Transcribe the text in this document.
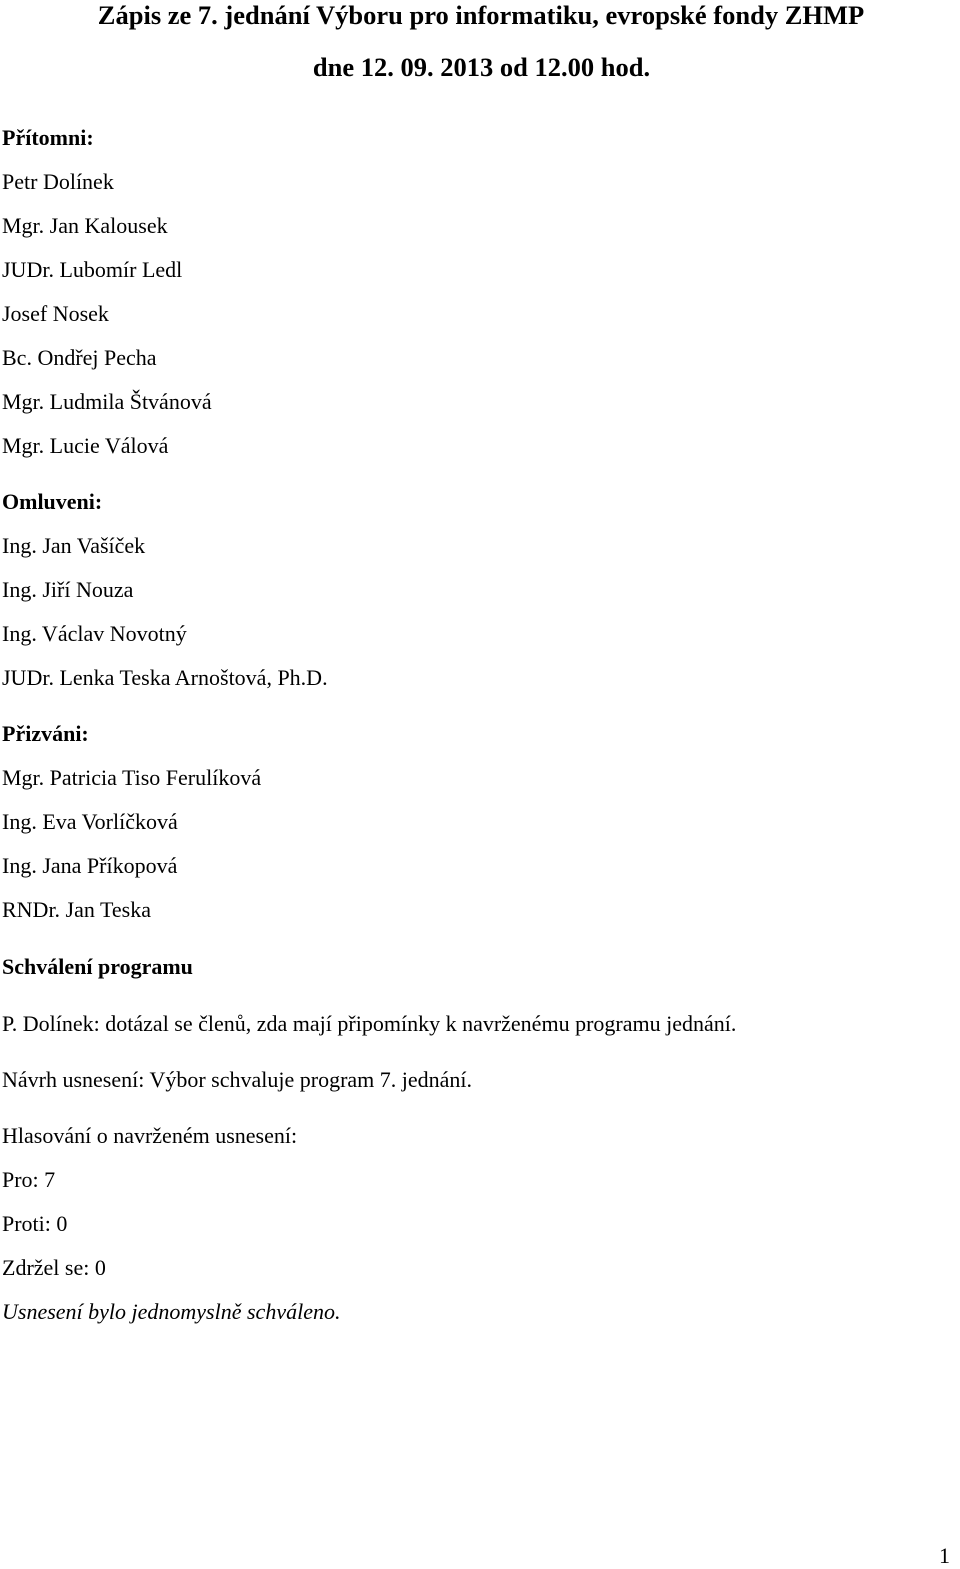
Zápis ze 7. jednání Výboru pro informatiku, evropské fondy ZHMP
dne 12. 09. 2013 od 12.00 hod.
Přítomni:
Petr Dolínek
Mgr. Jan Kalousek
JUDr. Lubomír Ledl
Josef Nosek
Bc. Ondřej Pecha
Mgr. Ludmila Štvánová
Mgr. Lucie Válová
Omluveni:
Ing. Jan Vašíček
Ing. Jiří Nouza
Ing. Václav Novotný
JUDr. Lenka Teska Arnoštová, Ph.D.
Přizváni:
Mgr. Patricia Tiso Ferulíková
Ing. Eva Vorlíčková
Ing. Jana Příkopová
RNDr. Jan Teska
Schválení programu
P. Dolínek: dotázal se členů, zda mají připomínky k navrženému programu jednání.
Návrh usnesení: Výbor schvaluje program 7. jednání.
Hlasování o navrženém usnesení:
Pro: 7
Proti: 0
Zdržel se: 0
Usnesení bylo jednomyslně schváleno.
1
